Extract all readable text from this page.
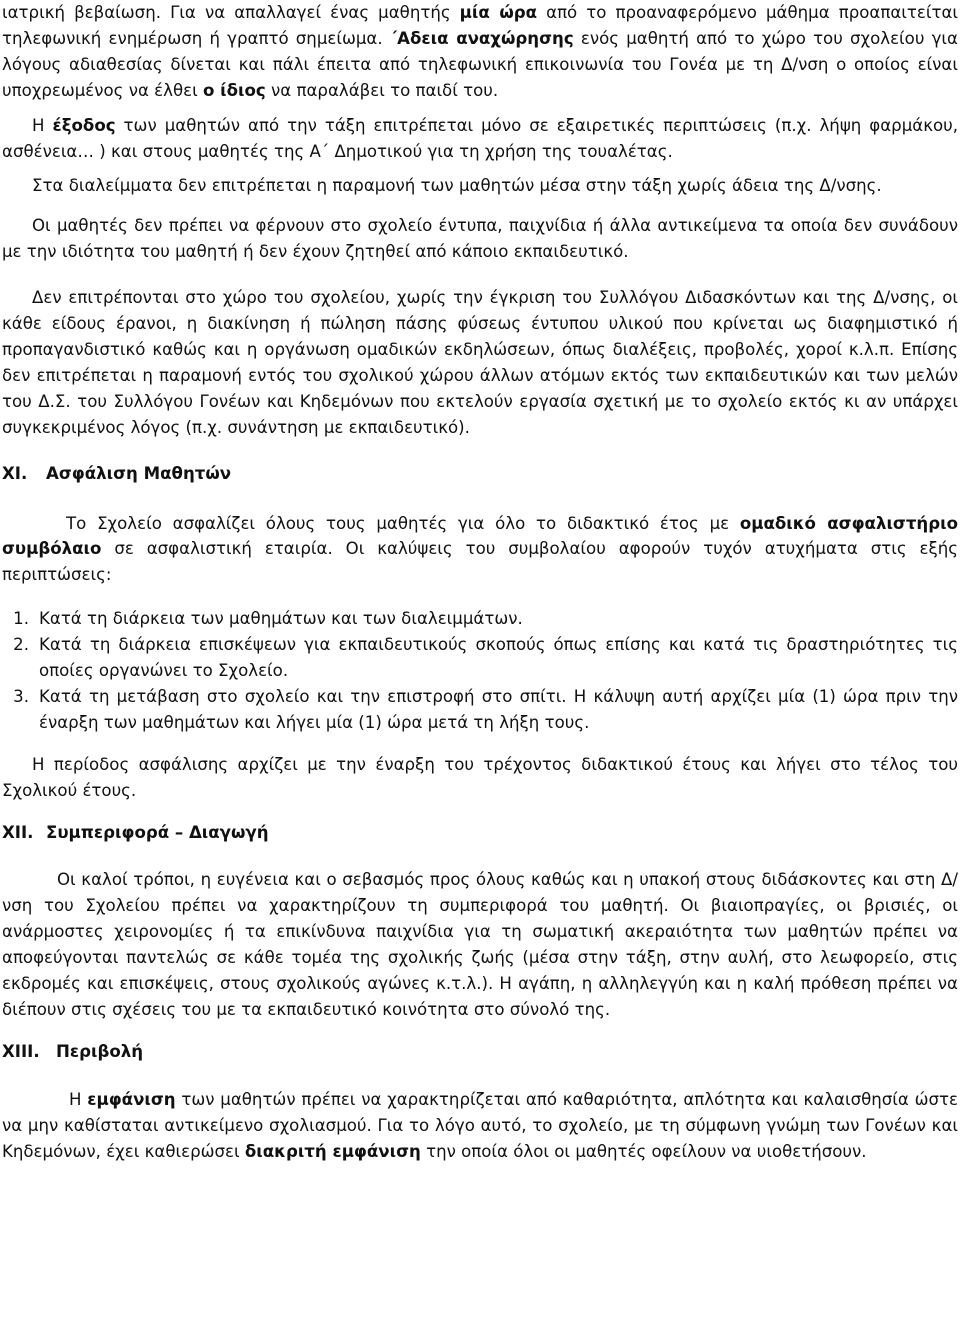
ιατρική βεβαίωση. Για να απαλλαγεί ένας μαθητής μία ώρα από το προαναφερόμενο μάθημα προαπαιτείται τηλεφωνική ενημέρωση ή γραπτό σημείωμα. ΄Αδεια αναχώρησης ενός μαθητή από το χώρο του σχολείου για λόγους αδιαθεσίας δίνεται και πάλι έπειτα από τηλεφωνική επικοινωνία του Γονέα με τη Δ/νση ο οποίος είναι υποχρεωμένος να έλθει ο ίδιος να παραλάβει το παιδί του.

Η έξοδος των μαθητών από την τάξη επιτρέπεται μόνο σε εξαιρετικές περιπτώσεις (π.χ. λήψη φαρμάκου, ασθένεια… ) και στους μαθητές της Α΄ Δημοτικού για τη χρήση της τουαλέτας.

Στα διαλείμματα δεν επιτρέπεται η παραμονή των μαθητών μέσα στην τάξη χωρίς άδεια της Δ/νσης.

Οι μαθητές δεν πρέπει να φέρνουν στο σχολείο έντυπα, παιχνίδια ή άλλα αντικείμενα τα οποία δεν συνάδουν με την ιδιότητα του μαθητή ή δεν έχουν ζητηθεί από κάποιο εκπαιδευτικό.

Δεν επιτρέπονται στο χώρο του σχολείου, χωρίς την έγκριση του Συλλόγου Διδασκόντων και της Δ/νσης, οι κάθε είδους έρανοι, η διακίνηση ή πώληση πάσης φύσεως έντυπου υλικού που κρίνεται ως διαφημιστικό ή προπαγανδιστικό καθώς και η οργάνωση ομαδικών εκδηλώσεων, όπως διαλέξεις, προβολές, χοροί κ.λ.π. Επίσης δεν επιτρέπεται η παραμονή εντός του σχολικού χώρου άλλων ατόμων εκτός των εκπαιδευτικών και των μελών του Δ.Σ. του Συλλόγου Γονέων και Κηδεμόνων που εκτελούν εργασία σχετική με το σχολείο εκτός κι αν υπάρχει συγκεκριμένος λόγος (π.χ. συνάντηση με εκπαιδευτικό).

XI. Ασφάλιση Μαθητών

Το Σχολείο ασφαλίζει όλους τους μαθητές για όλο το διδακτικό έτος με ομαδικό ασφαλιστήριο συμβόλαιο σε ασφαλιστική εταιρία. Οι καλύψεις του συμβολαίου αφορούν τυχόν ατυχήματα στις εξής περιπτώσεις:

1. Κατά τη διάρκεια των μαθημάτων και των διαλειμμάτων.
2. Κατά τη διάρκεια επισκέψεων για εκπαιδευτικούς σκοπούς όπως επίσης και κατά τις δραστηριότητες τις οποίες οργανώνει το Σχολείο.
3. Κατά τη μετάβαση στο σχολείο και την επιστροφή στο σπίτι. Η κάλυψη αυτή αρχίζει μία (1) ώρα πριν την έναρξη των μαθημάτων και λήγει μία (1) ώρα μετά τη λήξη τους.

Η περίοδος ασφάλισης αρχίζει με την έναρξη του τρέχοντος διδακτικού έτους και λήγει στο τέλος του Σχολικού έτους.

XII. Συμπεριφορά – Διαγωγή

Οι καλοί τρόποι, η ευγένεια και ο σεβασμός προς όλους καθώς και η υπακοή στους διδάσκοντες και στη Δ/νση του Σχολείου πρέπει να χαρακτηρίζουν τη συμπεριφορά του μαθητή. Οι βιαιοπραγίες, οι βρισιές, οι ανάρμοστες χειρονομίες ή τα επικίνδυνα παιχνίδια για τη σωματική ακεραιότητα των μαθητών πρέπει να αποφεύγονται παντελώς σε κάθε τομέα της σχολικής ζωής (μέσα στην τάξη, στην αυλή, στο λεωφορείο, στις εκδρομές και επισκέψεις, στους σχολικούς αγώνες κ.τ.λ.). Η αγάπη, η αλληλεγγύη και η καλή πρόθεση πρέπει να διέπουν στις σχέσεις του με τα εκπαιδευτικό κοινότητα στο σύνολό της.

XIII. Περιβολή

Η εμφάνιση των μαθητών πρέπει να χαρακτηρίζεται από καθαριότητα, απλότητα και καλαισθησία ώστε να μην καθίσταται αντικείμενο σχολιασμού. Για το λόγο αυτό, το σχολείο, με τη σύμφωνη γνώμη των Γονέων και Κηδεμόνων, έχει καθιερώσει διακριτή εμφάνιση την οποία όλοι οι μαθητές οφείλουν να υιοθετήσουν.
